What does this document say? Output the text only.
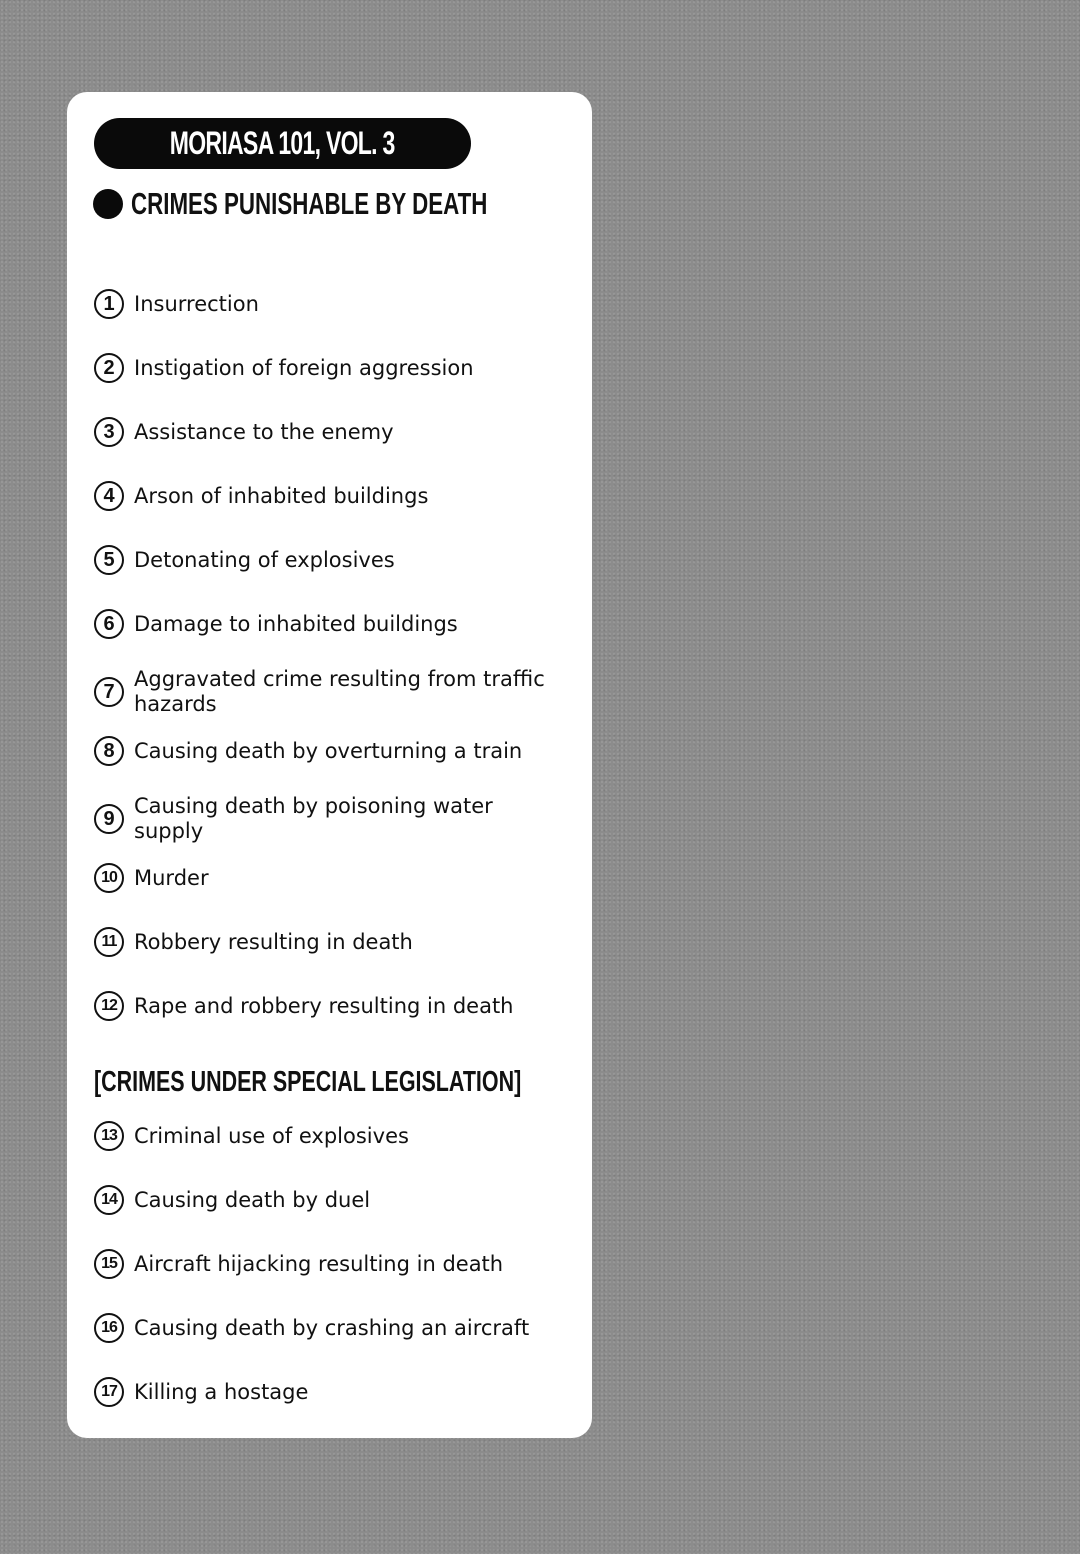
MORIASA 101, VOL. 3
CRIMES PUNISHABLE BY DEATH
1 Insurrection
2 Instigation of foreign aggression
3 Assistance to the enemy
4 Arson of inhabited buildings
5 Detonating of explosives
6 Damage to inhabited buildings
7
Aggravated crime resulting from traffic hazards
8 Causing death by overturning a train
9
Causing death by poisoning water supply
10 Murder
11 Robbery resulting in death
12 Rape and robbery resulting in death
[CRIMES UNDER SPECIAL LEGISLATION]
13 Criminal use of explosives
14 Causing death by duel
15 Aircraft hijacking resulting in death
16 Causing death by crashing an aircraft
17 Killing a hostage
